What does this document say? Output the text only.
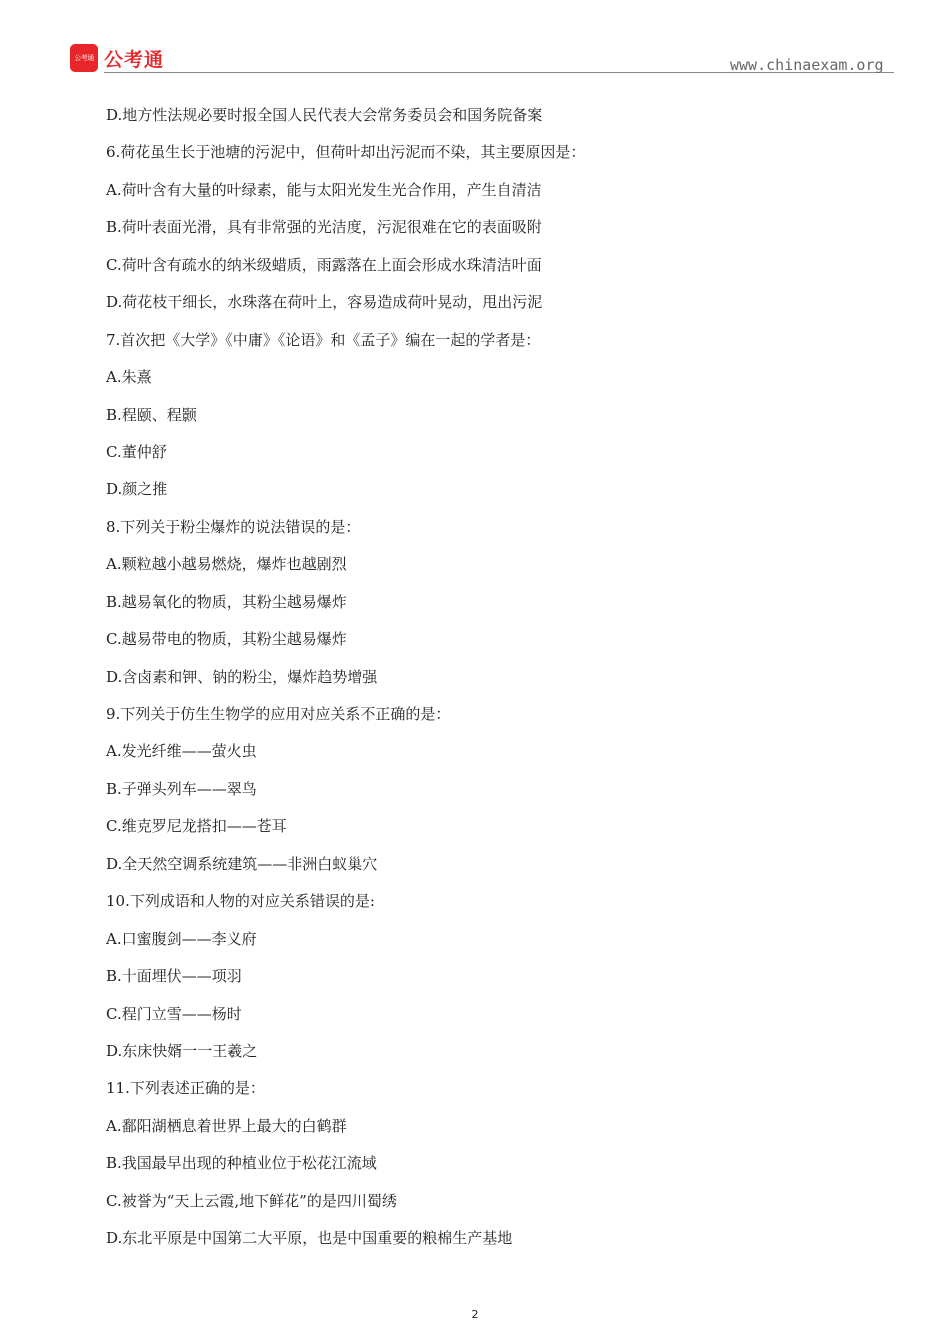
公考通 公考通	www.chinaexam.org
D.地方性法规必要时报全国人民代表大会常务委员会和国务院备案
6.荷花虽生长于池塘的污泥中，但荷叶却出污泥而不染，其主要原因是：
A.荷叶含有大量的叶绿素，能与太阳光发生光合作用，产生自清洁
B.荷叶表面光滑，具有非常强的光洁度，污泥很难在它的表面吸附
C.荷叶含有疏水的纳米级蜡质，雨露落在上面会形成水珠清洁叶面
D.荷花枝干细长，水珠落在荷叶上，容易造成荷叶晃动，甩出污泥
7.首次把《大学》《中庸》《论语》和《孟子》编在一起的学者是：
A.朱熹
B.程颐、程颢
C.董仲舒
D.颜之推
8.下列关于粉尘爆炸的说法错误的是：
A.颗粒越小越易燃烧，爆炸也越剧烈
B.越易氧化的物质，其粉尘越易爆炸
C.越易带电的物质，其粉尘越易爆炸
D.含卤素和钾、钠的粉尘，爆炸趋势增强
9.下列关于仿生生物学的应用对应关系不正确的是：
A.发光纤维——萤火虫
B.子弹头列车——翠鸟
C.维克罗尼龙搭扣——苍耳
D.全天然空调系统建筑——非洲白蚁巢穴
10.下列成语和人物的对应关系错误的是:
A.口蜜腹剑——李义府
B.十面埋伏——项羽
C.程门立雪——杨时
D.东床快婿一一王羲之
11.下列表述正确的是：
A.鄱阳湖栖息着世界上最大的白鹤群
B.我国最早出现的种植业位于松花江流域
C.被誉为“天上云霞,地下鲜花”的是四川蜀绣
D.东北平原是中国第二大平原，也是中国重要的粮棉生产基地
2
